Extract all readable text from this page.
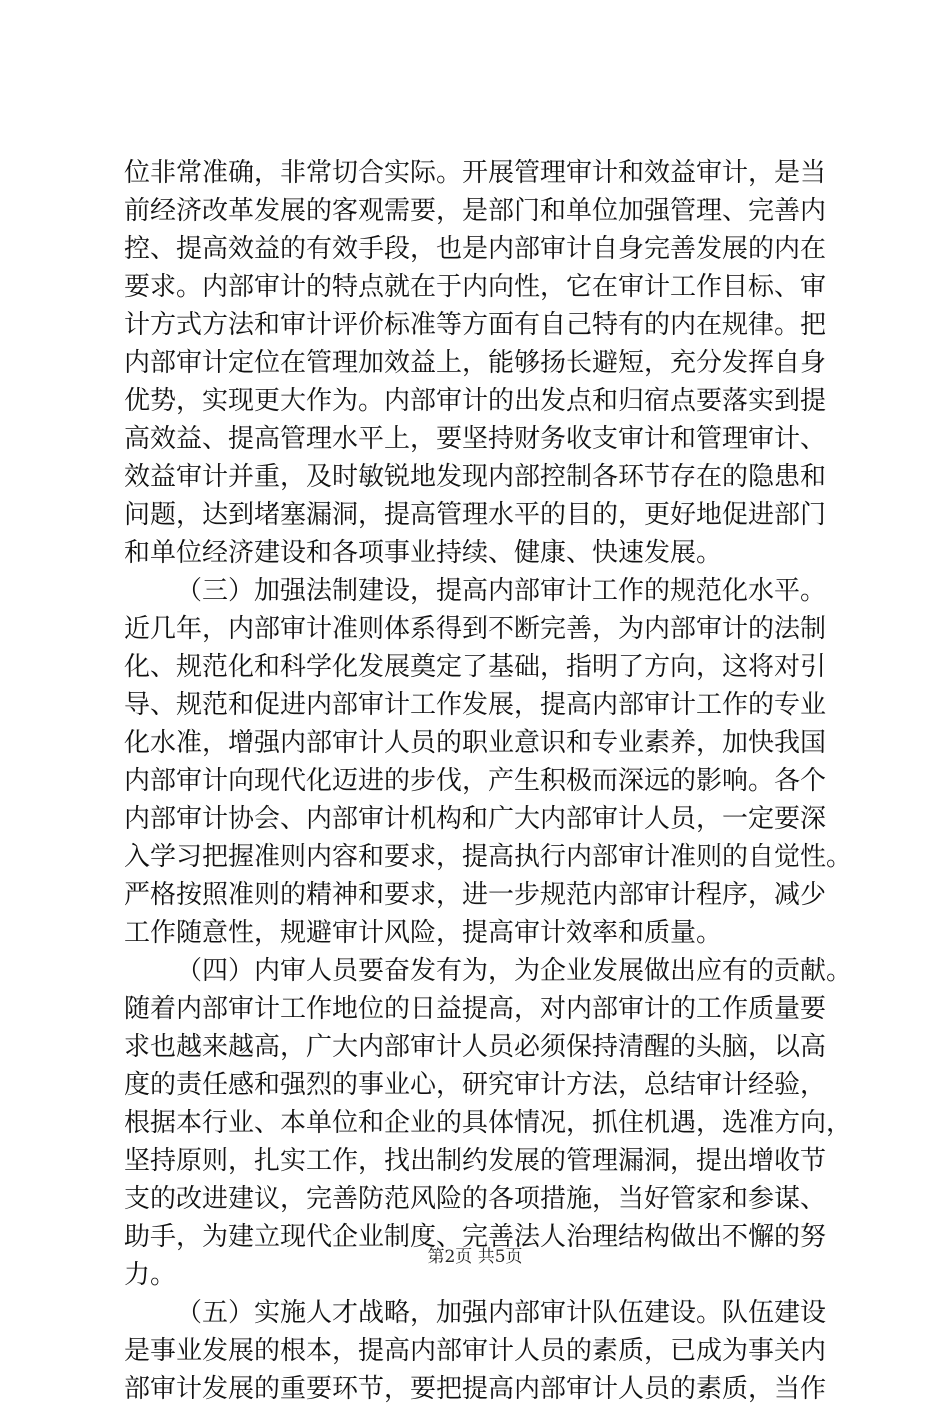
位非常准确，非常切合实际。开展管理审计和效益审计，是当
前经济改革发展的客观需要，是部门和单位加强管理、完善内
控、提高效益的有效手段，也是内部审计自身完善发展的内在
要求。内部审计的特点就在于内向性，它在审计工作目标、审
计方式方法和审计评价标准等方面有自己特有的内在规律。把
内部审计定位在管理加效益上，能够扬长避短，充分发挥自身
优势，实现更大作为。内部审计的出发点和归宿点要落实到提
高效益、提高管理水平上，要坚持财务收支审计和管理审计、
效益审计并重，及时敏锐地发现内部控制各环节存在的隐患和
问题，达到堵塞漏洞，提高管理水平的目的，更好地促进部门
和单位经济建设和各项事业持续、健康、快速发展。
（三）加强法制建设，提高内部审计工作的规范化水平。
近几年，内部审计准则体系得到不断完善，为内部审计的法制
化、规范化和科学化发展奠定了基础，指明了方向，这将对引
导、规范和促进内部审计工作发展，提高内部审计工作的专业
化水准，增强内部审计人员的职业意识和专业素养，加快我国
内部审计向现代化迈进的步伐，产生积极而深远的影响。各个
内部审计协会、内部审计机构和广大内部审计人员，一定要深
入学习把握准则内容和要求，提高执行内部审计准则的自觉性。
严格按照准则的精神和要求，进一步规范内部审计程序，减少
工作随意性，规避审计风险，提高审计效率和质量。
（四）内审人员要奋发有为，为企业发展做出应有的贡献。
随着内部审计工作地位的日益提高，对内部审计的工作质量要
求也越来越高，广大内部审计人员必须保持清醒的头脑，以高
度的责任感和强烈的事业心，研究审计方法，总结审计经验，
根据本行业、本单位和企业的具体情况，抓住机遇，选准方向，
坚持原则，扎实工作，找出制约发展的管理漏洞，提出增收节
支的改进建议，完善防范风险的各项措施，当好管家和参谋、
助手，为建立现代企业制度、完善法人治理结构做出不懈的努
力。
（五）实施人才战略，加强内部审计队伍建设。队伍建设
是事业发展的根本，提高内部审计人员的素质，已成为事关内
部审计发展的重要环节，要把提高内部审计人员的素质，当作
第2页 共5页
